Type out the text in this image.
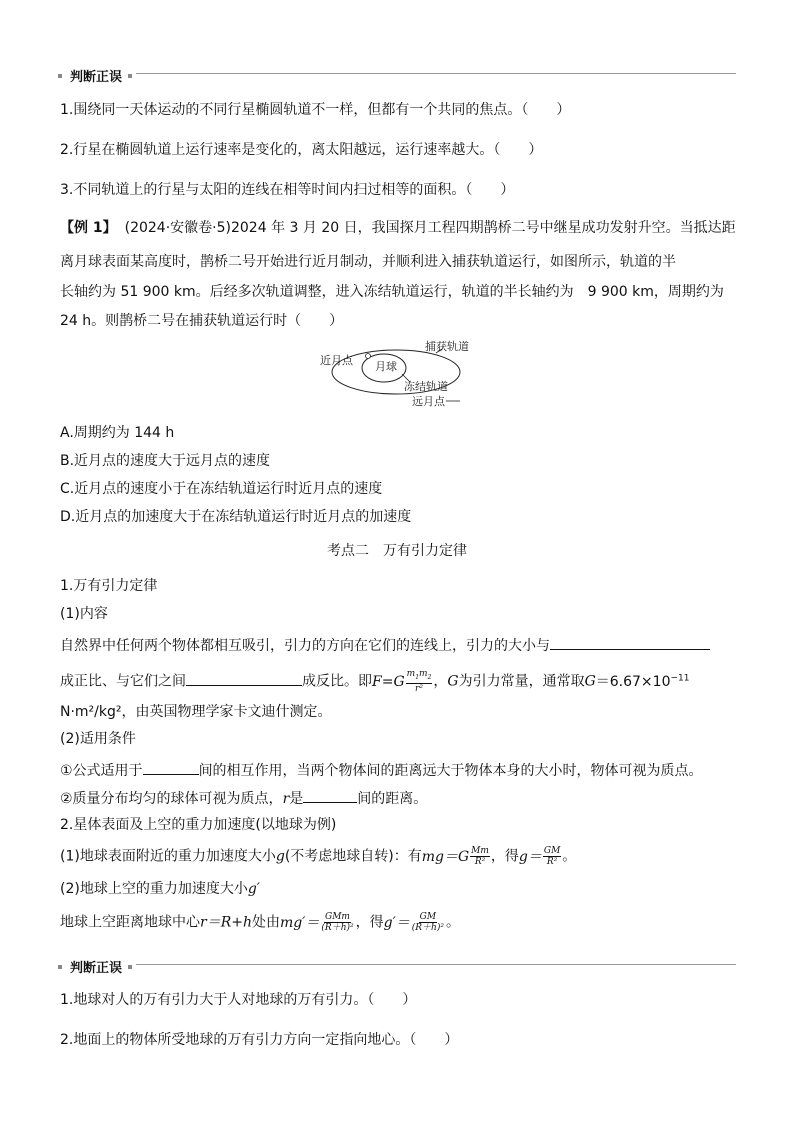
判断正误
1.围绕同一天体运动的不同行星椭圆轨道不一样，但都有一个共同的焦点。（　　）
2.行星在椭圆轨道上运行速率是变化的，离太阳越远，运行速率越大。（　　）
3.不同轨道上的行星与太阳的连线在相等时间内扫过相等的面积。（　　）
【例 1】 (2024·安徽卷·5)2024 年 3 月 20 日，我国探月工程四期鹊桥二号中继星成功发射升空。当抵达距
离月球表面某高度时，鹊桥二号开始进行近月制动，并顺利进入捕获轨道运行，如图所示，轨道的半
长轴约为 51 900 km。后经多次轨道调整，进入冻结轨道运行，轨道的半长轴约为　9 900 km，周期约为
24 h。则鹊桥二号在捕获轨道运行时（　　）
近月点 月球
捕获轨道
冻结轨道
远月点
A.周期约为 144 h
B.近月点的速度大于远月点的速度
C.近月点的速度小于在冻结轨道运行时近月点的速度
D.近月点的加速度大于在冻结轨道运行时近月点的加速度
考点二　万有引力定律
1.万有引力定律
(1)内容
自然界中任何两个物体都相互吸引，引力的方向在它们的连线上，引力的大小与
成正比、与它们之间	成反比。即$F=G \frac{m_1m_2}{\text{r²}}$ ，G为引力常量，通常取$G=6.67\times 10^{-11}$
N·m²/kg²，由英国物理学家卡文迪什测定。
(2)适用条件
①公式适用于	间的相互作用，当两个物体间的距离远大于物体本身的大小时，物体可视为质点。
②质量分布均匀的球体可视为质点，r是	间的距离。
2.星体表面及上空的重力加速度(以地球为例)
(1)地球表面附近的重力加速度大小g(不考虑地球自转)：有$mg=G \frac{Mm}{\text{R²}}$ ，得$g= \frac{GM}{\text{R²}}$ 。
(2)地球上空的重力加速度大小g′
地球上空距离地球中心r＝R+h处由$mg'= \frac{\text{GMm}}{\text{(R＋h)²}}$ ，得$g'= \frac{GM}{\text{(R＋h)²}}$ 。
判断正误
1.地球对人的万有引力大于人对地球的万有引力。（　　）
2.地面上的物体所受地球的万有引力方向一定指向地心。（　　）
